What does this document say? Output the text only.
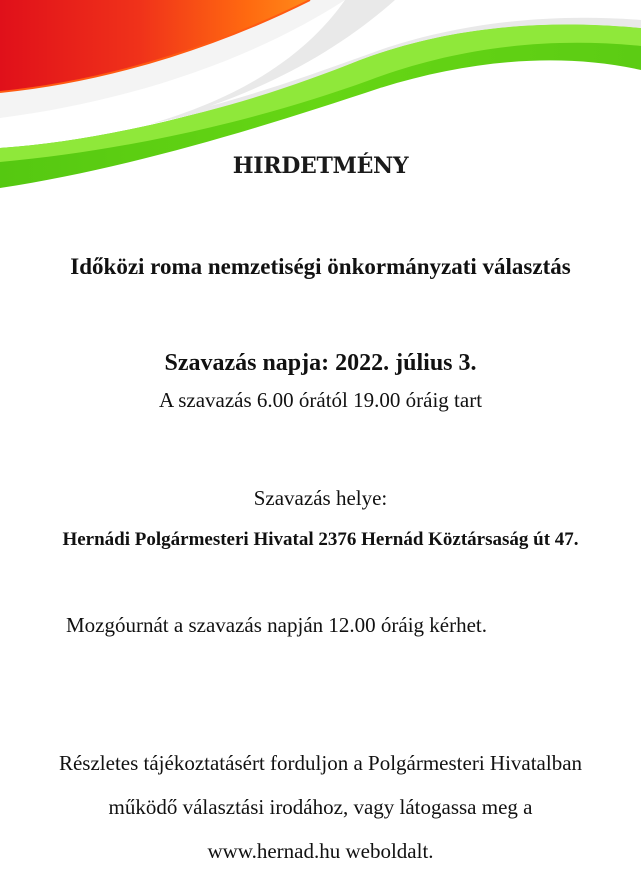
HIRDETMÉNY
Időközi roma nemzetiségi önkormányzati választás
Szavazás napja: 2022. július 3.
A szavazás 6.00 órától 19.00 óráig tart
Szavazás helye:
Hernádi Polgármesteri Hivatal 2376 Hernád Köztársaság út 47.
Mozgóurnát a szavazás napján 12.00 óráig kérhet.
Részletes tájékoztatásért forduljon a Polgármesteri Hivatalban
működő választási irodához, vagy látogassa meg a
www.hernad.hu weboldalt.
